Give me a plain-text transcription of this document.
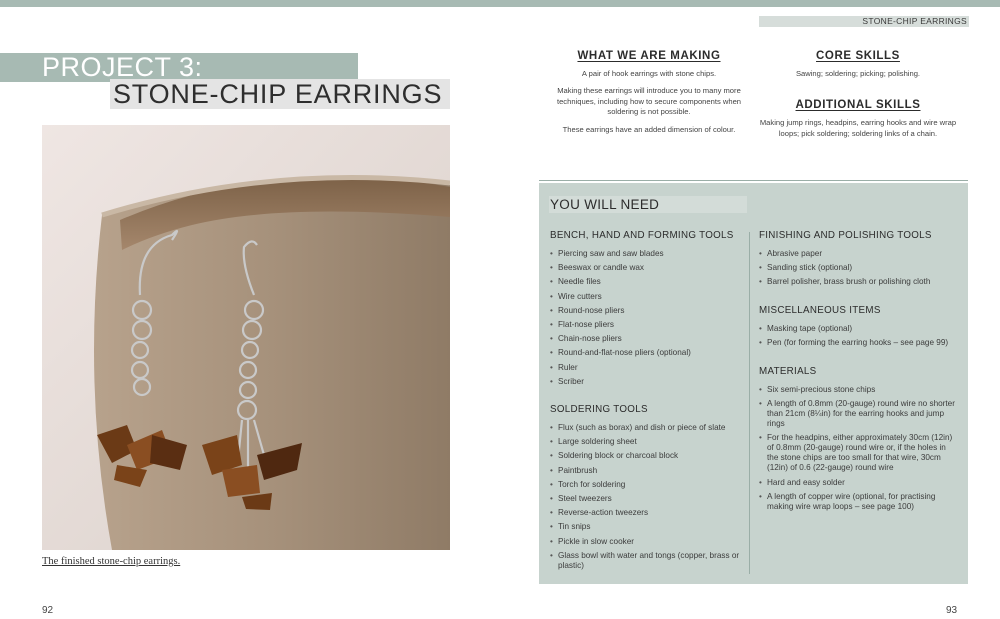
STONE-CHIP EARRINGS
PROJECT 3:
STONE-CHIP EARRINGS
The finished stone-chip earrings.
92	93
WHAT WE ARE MAKING
A pair of hook earrings with stone chips.
Making these earrings will introduce you to many more techniques, including how to secure components when soldering is not possible.
These earrings have an added dimension of colour.
CORE SKILLS
Sawing; soldering; picking; polishing.
ADDITIONAL SKILLS
Making jump rings, headpins, earring hooks and wire wrap loops; pick soldering; soldering links of a chain.
YOU WILL NEED
BENCH, HAND AND FORMING TOOLS
• Piercing saw and saw blades
• Beeswax or candle wax
• Needle files
• Wire cutters
• Round-nose pliers
• Flat-nose pliers
• Chain-nose pliers
• Round-and-flat-nose pliers (optional)
• Ruler
• Scriber
SOLDERING TOOLS
• Flux (such as borax) and dish or piece of slate
• Large soldering sheet
• Soldering block or charcoal block
• Paintbrush
• Torch for soldering
• Steel tweezers
• Reverse-action tweezers
• Tin snips
• Pickle in slow cooker
• Glass bowl with water and tongs (copper, brass or plastic)
FINISHING AND POLISHING TOOLS
• Abrasive paper
• Sanding stick (optional)
• Barrel polisher, brass brush or polishing cloth
MISCELLANEOUS ITEMS
• Masking tape (optional)
• Pen (for forming the earring hooks – see page 99)
MATERIALS
• Six semi-precious stone chips
• A length of 0.8mm (20-gauge) round wire no shorter than 21cm (8¼in) for the earring hooks and jump rings
• For the headpins, either approximately 30cm (12in) of 0.8mm (20-gauge) round wire or, if the holes in the stone chips are too small for that wire, 30cm (12in) of 0.6 (22-gauge) round wire
• Hard and easy solder
• A length of copper wire (optional, for practising making wire wrap loops – see page 100)
